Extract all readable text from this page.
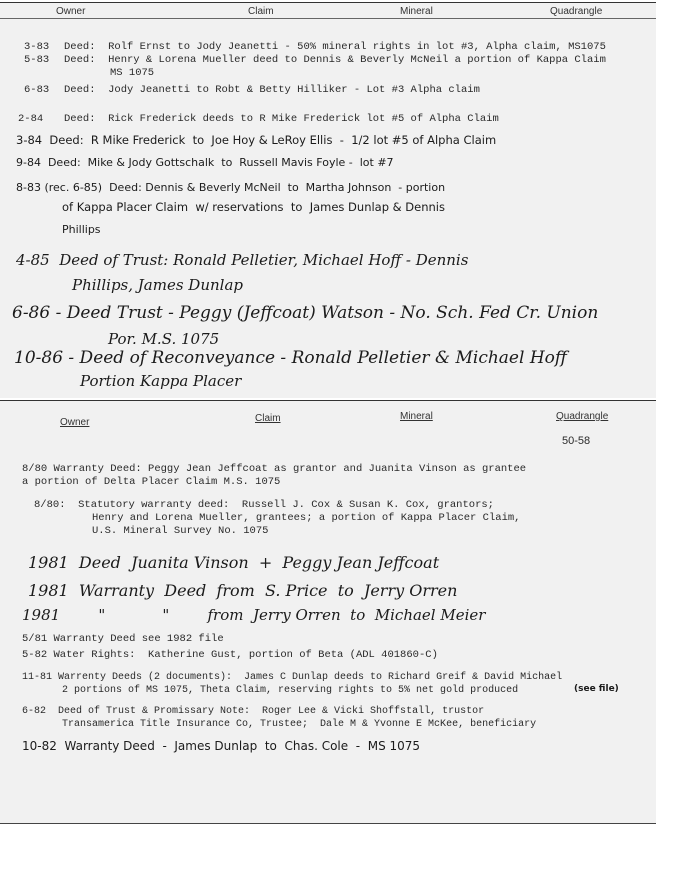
Owner	Claim	Mineral	Quadrangle
3-83 Deed:  Rolf Ernst to Jody Jeanetti - 50% mineral rights in lot #3, Alpha claim, MS1075
5-83 Deed:  Henry & Lorena Mueller deed to Dennis & Beverly McNeil a portion of Kappa Claim
MS 1075
6-83 Deed:  Jody Jeanetti to Robt & Betty Hilliker - Lot #3 Alpha claim
2-84 Deed:  Rick Frederick deeds to R Mike Frederick lot #5 of Alpha Claim
3-84  Deed:  R Mike Frederick  to  Joe Hoy & LeRoy Ellis  -  1/2 lot #5 of Alpha Claim
9-84  Deed:  Mike & Jody Gottschalk  to  Russell Mavis Foyle -  lot #7
8-83 (rec. 6-85)  Deed: Dennis & Beverly McNeil  to  Martha Johnson  - portion
of Kappa Placer Claim  w/ reservations  to  James Dunlap & Dennis
Phillips
4-85  Deed of Trust: Ronald Pelletier, Michael Hoff - Dennis
Phillips, James Dunlap
6-86 - Deed Trust - Peggy (Jeffcoat) Watson - No. Sch. Fed Cr. Union
Por. M.S. 1075
10-86 - Deed of Reconveyance - Ronald Pelletier & Michael Hoff
Portion Kappa Placer
Owner	Claim	Mineral	Quadrangle
50-58
8/80 Warranty Deed: Peggy Jean Jeffcoat as grantor and Juanita Vinson as grantee
a portion of Delta Placer Claim M.S. 1075
8/80:  Statutory warranty deed:  Russell J. Cox & Susan K. Cox, grantors;
Henry and Lorena Mueller, grantees; a portion of Kappa Placer Claim,
U.S. Mineral Survey No. 1075
1981  Deed  Juanita Vinson  +  Peggy Jean Jeffcoat
1981  Warranty  Deed  from  S. Price  to  Jerry Orren
1981        "            "        from  Jerry Orren  to  Michael Meier
5/81 Warranty Deed see 1982 file
5-82 Water Rights:  Katherine Gust, portion of Beta (ADL 401860-C)
11-81 Warrenty Deeds (2 documents):  James C Dunlap deeds to Richard Greif & David Michael
2 portions of MS 1075, Theta Claim, reserving rights to 5% net gold produced	(see file)
6-82  Deed of Trust & Promissary Note:  Roger Lee & Vicki Shoffstall, trustor
Transamerica Title Insurance Co, Trustee;  Dale M & Yvonne E McKee, beneficiary
10-82  Warranty Deed  -  James Dunlap  to  Chas. Cole  -  MS 1075
